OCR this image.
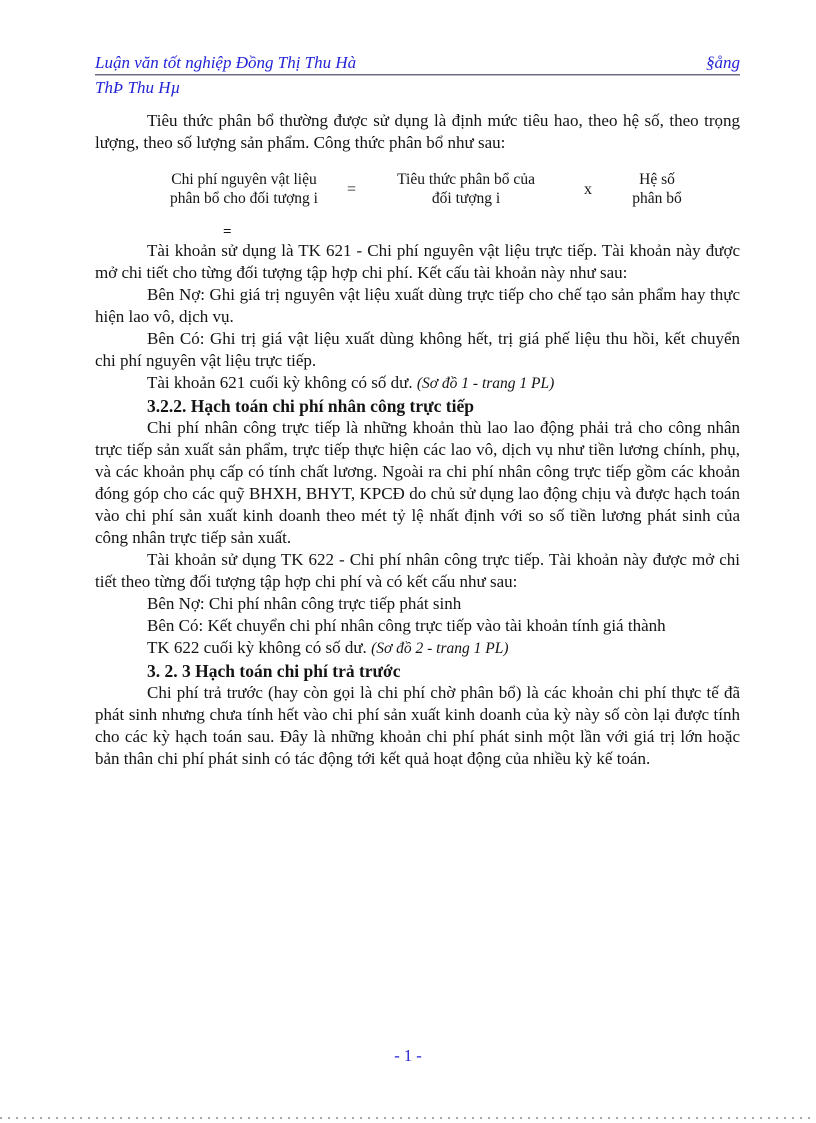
Luận văn tốt nghiệp Đồng Thị Thu Hà	§ång
ThÞ Thu Hµ

Tiêu thức phân bổ thường được sử dụng là định mức tiêu hao, theo hệ số, theo trọng lượng, theo số lượng sản phẩm. Công thức phân bổ như sau:

Chi phí nguyên vật liệu
phân bổ cho đối tượng i
=
Tiêu thức phân bổ của
đối tượng i
x
Hệ số
phân bổ
=

Tài khoản sử dụng là TK 621 - Chi phí nguyên vật liệu trực tiếp. Tài khoản này được mở chi tiết cho từng đối tượng tập hợp chi phí. Kết cấu tài khoản này như sau:

Bên Nợ: Ghi giá trị nguyên vật liệu xuất dùng trực tiếp cho chế tạo sản phẩm hay thực hiện lao vô, dịch vụ.

Bên Có: Ghi trị giá vật liệu xuất dùng không hết, trị giá phế liệu thu hồi, kết chuyển chi phí nguyên vật liệu trực tiếp.

Tài khoản 621 cuối kỳ không có số dư. (Sơ đồ 1 - trang 1 PL)

3.2.2. Hạch toán chi phí nhân công trực tiếp

Chi phí nhân công trực tiếp là những khoản thù lao lao động phải trả cho công nhân trực tiếp sản xuất sản phẩm, trực tiếp thực hiện các lao vô, dịch vụ như tiền lương chính, phụ, và các khoản phụ cấp có tính chất lương. Ngoài ra chi phí nhân công trực tiếp gồm các khoản đóng góp cho các quỹ BHXH, BHYT, KPCĐ do chủ sử dụng lao động chịu và được hạch toán vào chi phí sản xuất kinh doanh theo mét tỷ lệ nhất định với so số tiền lương phát sinh của công nhân trực tiếp sản xuất.

Tài khoản sử dụng TK 622 - Chi phí nhân công trực tiếp. Tài khoản này được mở chi tiết theo từng đối tượng tập hợp chi phí và có kết cấu như sau:

Bên Nợ: Chi phí nhân công trực tiếp phát sinh

Bên Có: Kết chuyển chi phí nhân công trực tiếp vào tài khoản tính giá thành

TK 622 cuối kỳ không có số dư. (Sơ đồ 2 - trang 1 PL)

3. 2. 3 Hạch toán chi phí trả trước

Chi phí trả trước (hay còn gọi là chi phí chờ phân bổ) là các khoản chi phí thực tế đã phát sinh nhưng chưa tính hết vào chi phí sản xuất kinh doanh của kỳ này số còn lại được tính cho các kỳ hạch toán sau. Đây là những khoản chi phí phát sinh một lần với giá trị lớn hoặc bản thân chi phí phát sinh có tác động tới kết quả hoạt động của nhiều kỳ kế toán.

- 1 -
